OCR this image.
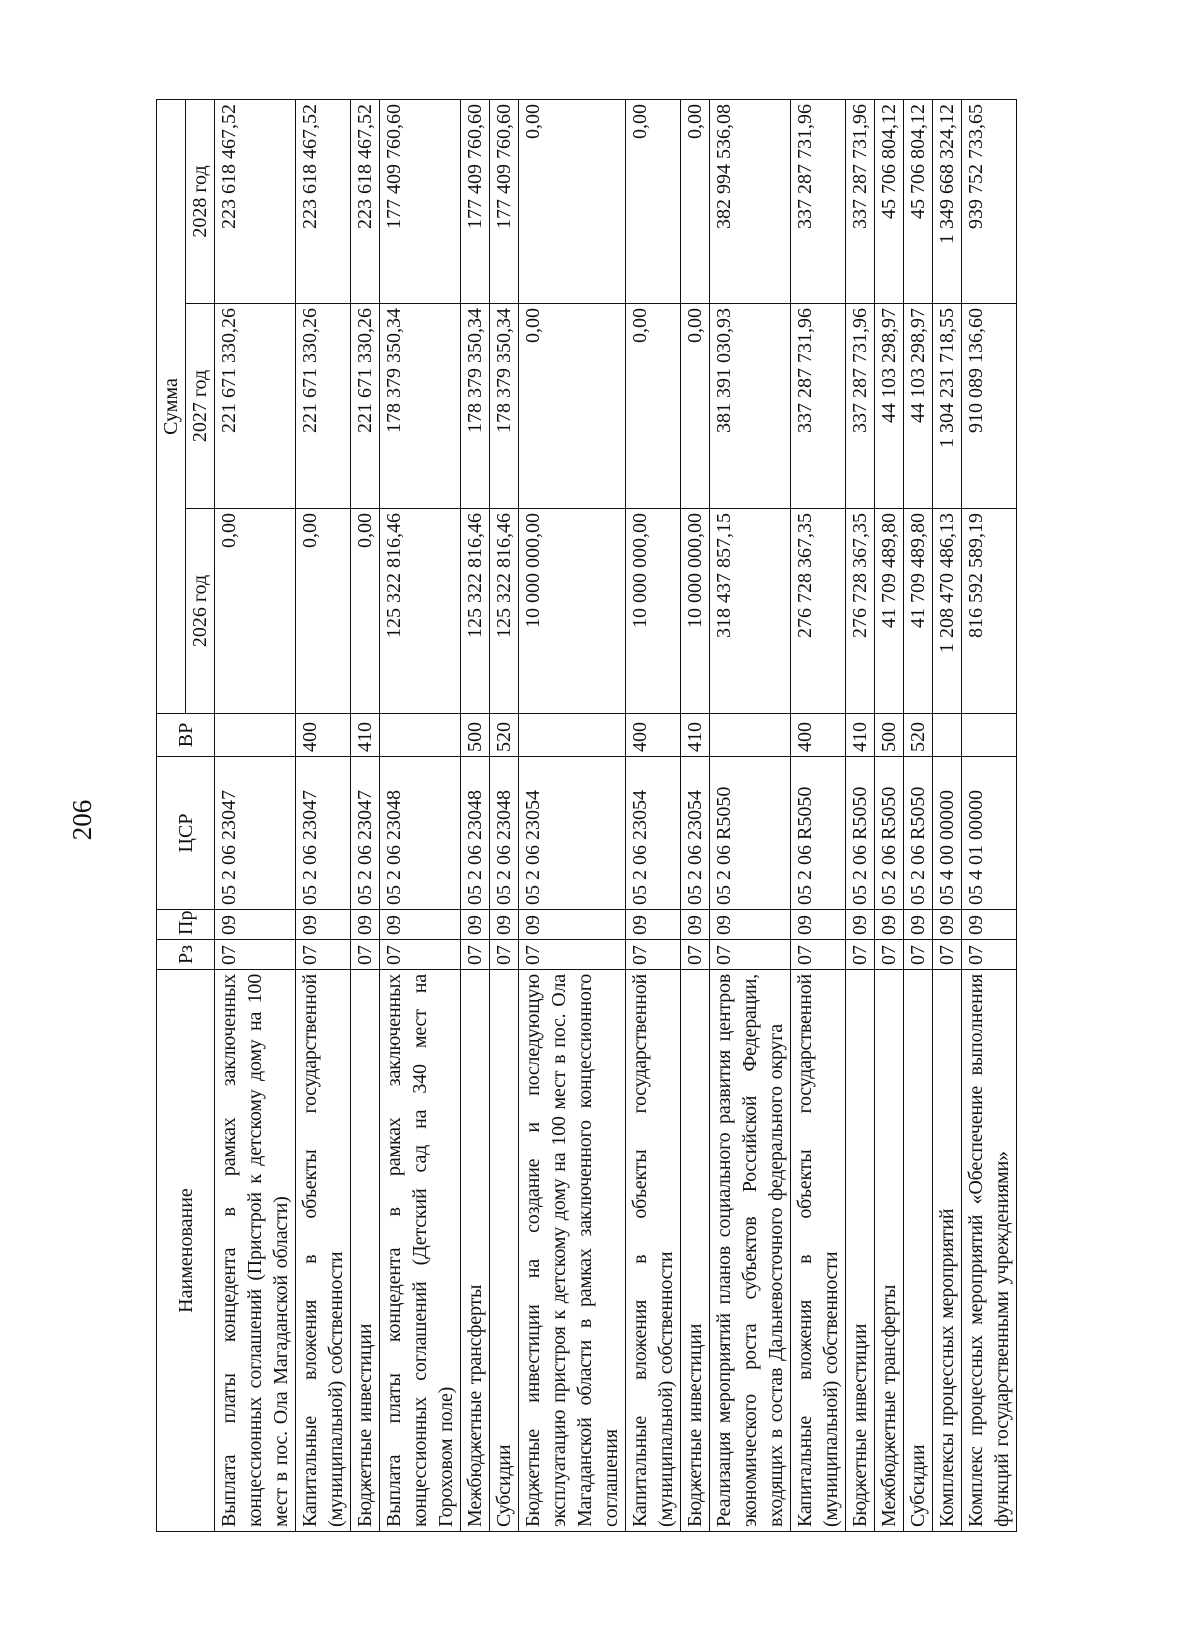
206
Наименование	Рз	Пр	ЦСР	ВР	Сумма		
					2026 год	2027 год	2028 год
Выплата платы концедента в рамках заключенных концессионных соглашений (Пристрой к детскому дому на 100 мест в пос. Ола Магаданской области)	07	09	05 2 06 23047		0,00	221 671 330,26	223 618 467,52
Капитальные вложения в объекты государственной (муниципальной) собственности	07	09	05 2 06 23047	400	0,00	221 671 330,26	223 618 467,52
Бюджетные инвестиции	07	09	05 2 06 23047	410	0,00	221 671 330,26	223 618 467,52
Выплата платы концедента в рамках заключенных концессионных соглашений (Детский сад на 340 мест на Гороховом поле)	07	09	05 2 06 23048		125 322 816,46	178 379 350,34	177 409 760,60
Межбюджетные трансферты	07	09	05 2 06 23048	500	125 322 816,46	178 379 350,34	177 409 760,60
Субсидии	07	09	05 2 06 23048	520	125 322 816,46	178 379 350,34	177 409 760,60
Бюджетные инвестиции на создание и последующую эксплуатацию пристроя к детскому дому на 100 мест в пос. Ола Магаданской области в рамках заключенного концессионного соглашения	07	09	05 2 06 23054		10 000 000,00	0,00	0,00
Капитальные вложения в объекты государственной (муниципальной) собственности	07	09	05 2 06 23054	400	10 000 000,00	0,00	0,00
Бюджетные инвестиции	07	09	05 2 06 23054	410	10 000 000,00	0,00	0,00
Реализация мероприятий планов социального развития центров экономического роста субъектов Российской Федерации, входящих в состав Дальневосточного федерального округа	07	09	05 2 06 R5050		318 437 857,15	381 391 030,93	382 994 536,08
Капитальные вложения в объекты государственной (муниципальной) собственности	07	09	05 2 06 R5050	400	276 728 367,35	337 287 731,96	337 287 731,96
Бюджетные инвестиции	07	09	05 2 06 R5050	410	276 728 367,35	337 287 731,96	337 287 731,96
Межбюджетные трансферты	07	09	05 2 06 R5050	500	41 709 489,80	44 103 298,97	45 706 804,12
Субсидии	07	09	05 2 06 R5050	520	41 709 489,80	44 103 298,97	45 706 804,12
Комплексы процессных мероприятий	07	09	05 4 00 00000		1 208 470 486,13	1 304 231 718,55	1 349 668 324,12
Комплекс процессных мероприятий «Обеспечение выполнения функций государственными учреждениями»	07	09	05 4 01 00000		816 592 589,19	910 089 136,60	939 752 733,65
